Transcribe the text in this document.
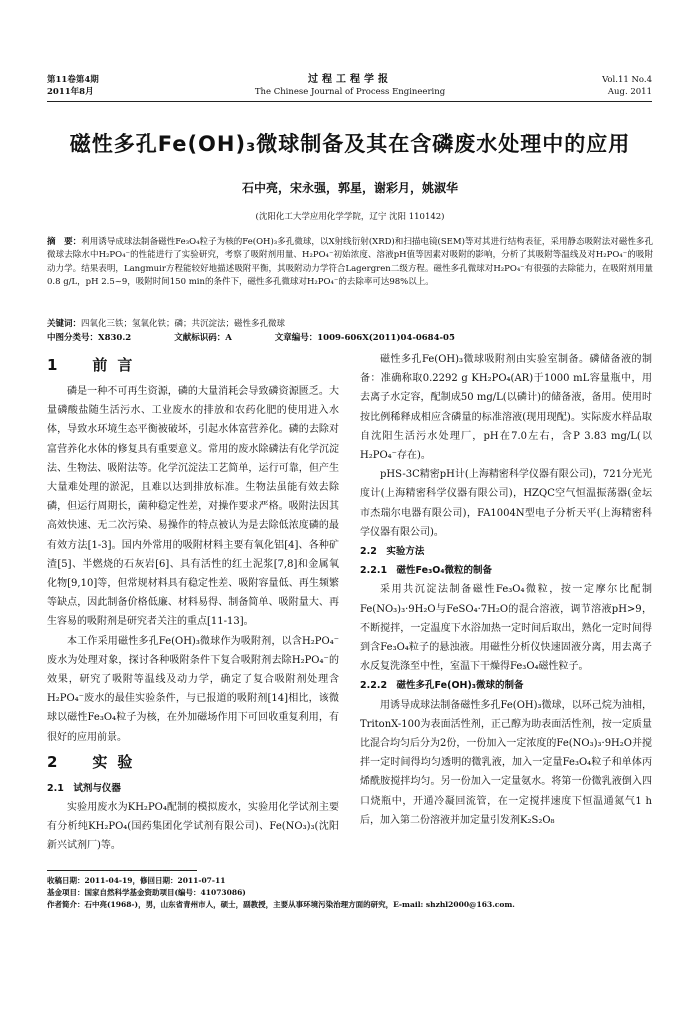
第11卷第4期
2011年8月
过程工程学报
The Chinese Journal of Process Engineering
Vol.11 No.4
Aug. 2011
磁性多孔Fe(OH)₃微球制备及其在含磷废水处理中的应用
石中亮，宋永强，郭星，谢彩月，姚淑华
(沈阳化工大学应用化学学院，辽宁 沈阳 110142)
摘　要：利用诱导成球法制备磁性Fe₃O₄粒子为核的Fe(OH)₃多孔微球，以X射线衍射(XRD)和扫描电镜(SEM)等对其进行结构表征，采用静态吸附法对磁性多孔微球去除水中H₂PO₄⁻的性能进行了实验研究，考察了吸附剂用量、H₂PO₄⁻初始浓度、溶液pH值等因素对吸附的影响，分析了其吸附等温线及对H₂PO₄⁻的吸附动力学。结果表明，Langmuir方程能较好地描述吸附平衡，其吸附动力学符合Lagergren二级方程。磁性多孔微球对H₂PO₄⁻有很强的去除能力，在吸附剂用量0.8 g/L，pH 2.5~9，吸附时间150 min的条件下，磁性多孔微球对H₂PO₄⁻的去除率可达98%以上。
关键词：四氧化三铁；氢氧化铁；磷；共沉淀法；磁性多孔微球
中图分类号：X830.2	文献标识码：A	文章编号：1009-606X(2011)04-0684-05
1　前言

磷是一种不可再生资源，磷的大量消耗会导致磷资源匮乏。大量磷酸盐随生活污水、工业废水的排放和农药化肥的使用进入水体，导致水环境生态平衡被破坏，引起水体富营养化。磷的去除对富营养化水体的修复具有重要意义。常用的废水除磷法有化学沉淀法、生物法、吸附法等。化学沉淀法工艺简单，运行可靠，但产生大量难处理的淤泥，且难以达到排放标准。生物法虽能有效去除磷，但运行周期长，菌种稳定性差，对操作要求严格。吸附法因其高效快速、无二次污染、易操作的特点被认为是去除低浓度磷的最有效方法[1-3]。国内外常用的吸附材料主要有氧化铝[4]、各种矿渣[5]、半燃烧的石灰岩[6]、具有活性的红土泥浆[7,8]和金属氧化物[9,10]等，但常规材料具有稳定性差、吸附容量低、再生频繁等缺点，因此制备价格低廉、材料易得、制备简单、吸附量大、再生容易的吸附剂是研究者关注的重点[11-13]。

本工作采用磁性多孔Fe(OH)₃微球作为吸附剂，以含H₂PO₄⁻废水为处理对象，探讨各种吸附条件下复合吸附剂去除H₂PO₄⁻的效果，研究了吸附等温线及动力学，确定了复合吸附剂处理含H₂PO₄⁻废水的最佳实验条件，与已报道的吸附剂[14]相比，该微球以磁性Fe₃O₄粒子为核，在外加磁场作用下可回收重复利用，有很好的应用前景。

2　实验
2.1　试剂与仪器

实验用废水为KH₂PO₄配制的模拟废水，实验用化学试剂主要有分析纯KH₂PO₄(国药集团化学试剂有限公司)、Fe(NO₃)₃(沈阳新兴试剂厂)等。

磁性多孔Fe(OH)₃微球吸附剂由实验室制备。磷储备液的制备：准确称取0.2292 g KH₂PO₄(AR)于1000 mL容量瓶中，用去离子水定容，配制成50 mg/L(以磷计)的储备液，备用。使用时按比例稀释成相应含磷量的标准溶液(现用现配)。实际废水样品取自沈阳生活污水处理厂，pH在7.0左右，含P 3.83 mg/L(以H₂PO₄⁻存在)。

pHS-3C精密pH计(上海精密科学仪器有限公司)，721分光光度计(上海精密科学仪器有限公司)，HZQC空气恒温振荡器(金坛市杰瑞尔电器有限公司)，FA1004N型电子分析天平(上海精密科学仪器有限公司)。

2.2　实验方法
2.2.1　磁性Fe₃O₄微粒的制备

采用共沉淀法制备磁性Fe₃O₄微粒，按一定摩尔比配制Fe(NO₃)₃·9H₂O与FeSO₄·7H₂O的混合溶液，调节溶液pH>9，不断搅拌，一定温度下水浴加热一定时间后取出，熟化一定时间得到含Fe₃O₄粒子的悬浊液。用磁性分析仪快速固液分离，用去离子水反复洗涤至中性，室温下干燥得Fe₃O₄磁性粒子。

2.2.2　磁性多孔Fe(OH)₃微球的制备

用诱导成球法制备磁性多孔Fe(OH)₃微球，以环己烷为油相，TritonX-100为表面活性剂，正己醇为助表面活性剂，按一定质量比混合均匀后分为2份，一份加入一定浓度的Fe(NO₃)₃·9H₂O并搅拌一定时间得均匀透明的微乳液，加入一定量Fe₃O₄粒子和单体丙烯酰胺搅拌均匀。另一份加入一定量氨水。将第一份微乳液倒入四口烧瓶中，开通冷凝回流管，在一定搅拌速度下恒温通氮气1 h后，加入第二份溶液并加定量引发剂K₂S₂O₈

收稿日期：2011-04-19，修回日期：2011-07-11
基金项目：国家自然科学基金资助项目(编号：41073086)
作者简介：石中亮(1968-)，男，山东省青州市人，硕士，副教授，主要从事环境污染治理方面的研究，E-mail: shzhl2000@163.com.
